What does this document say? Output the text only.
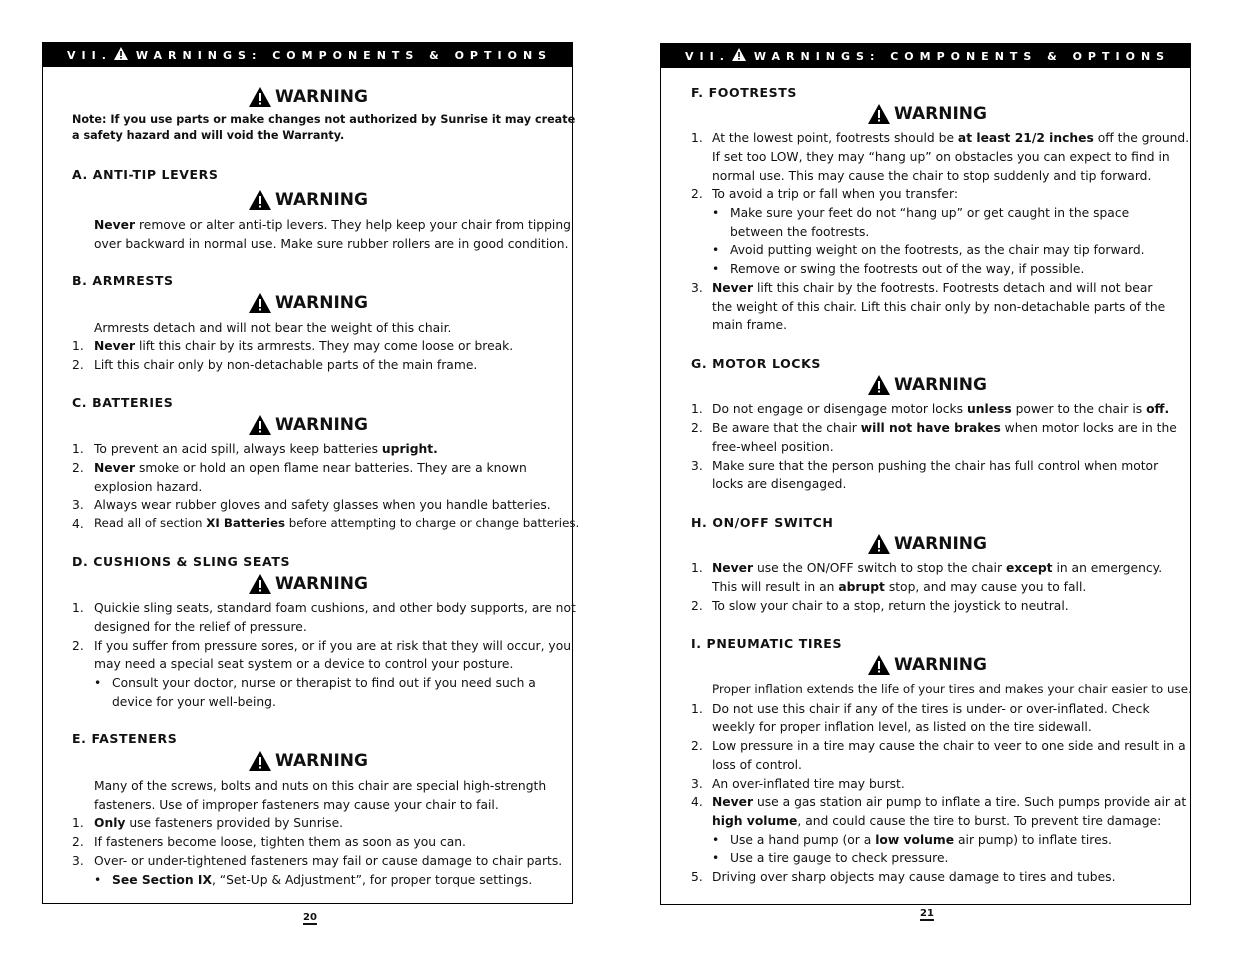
VII. WARNINGS: COMPONENTS & OPTIONS
WARNING
Note: If you use parts or make changes not authorized by Sunrise it may create
a safety hazard and will void the Warranty.
A. ANTI-TIP LEVERS
WARNING
Never remove or alter anti-tip levers. They help keep your chair from tipping
over backward in normal use. Make sure rubber rollers are in good condition.
B. ARMRESTS
WARNING
Armrests detach and will not bear the weight of this chair.
1. Never lift this chair by its armrests. They may come loose or break.
2. Lift this chair only by non-detachable parts of the main frame.
C. BATTERIES
WARNING
1. To prevent an acid spill, always keep batteries upright.
2. Never smoke or hold an open flame near batteries. They are a known
explosion hazard.
3. Always wear rubber gloves and safety glasses when you handle batteries.
4. Read all of section XI Batteries before attempting to charge or change batteries.
D. CUSHIONS & SLING SEATS
WARNING
1. Quickie sling seats, standard foam cushions, and other body supports, are not
designed for the relief of pressure.
2. If you suffer from pressure sores, or if you are at risk that they will occur, you
may need a special seat system or a device to control your posture.
• Consult your doctor, nurse or therapist to find out if you need such a
device for your well-being.
E. FASTENERS
WARNING
Many of the screws, bolts and nuts on this chair are special high-strength
fasteners. Use of improper fasteners may cause your chair to fail.
1. Only use fasteners provided by Sunrise.
2. If fasteners become loose, tighten them as soon as you can.
3. Over- or under-tightened fasteners may fail or cause damage to chair parts.
• See Section IX, “Set-Up & Adjustment”, for proper torque settings.
20
VII. WARNINGS: COMPONENTS & OPTIONS
F. FOOTRESTS
WARNING
1. At the lowest point, footrests should be at least 21/2 inches off the ground.
If set too LOW, they may “hang up” on obstacles you can expect to find in
normal use. This may cause the chair to stop suddenly and tip forward.
2. To avoid a trip or fall when you transfer:
• Make sure your feet do not “hang up” or get caught in the space
between the footrests.
• Avoid putting weight on the footrests, as the chair may tip forward.
• Remove or swing the footrests out of the way, if possible.
3. Never lift this chair by the footrests. Footrests detach and will not bear
the weight of this chair. Lift this chair only by non-detachable parts of the
main frame.
G. MOTOR LOCKS
WARNING
1. Do not engage or disengage motor locks unless power to the chair is off.
2. Be aware that the chair will not have brakes when motor locks are in the
free-wheel position.
3. Make sure that the person pushing the chair has full control when motor
locks are disengaged.
H. ON/OFF SWITCH
WARNING
1. Never use the ON/OFF switch to stop the chair except in an emergency.
This will result in an abrupt stop, and may cause you to fall.
2. To slow your chair to a stop, return the joystick to neutral.
I. PNEUMATIC TIRES
WARNING
Proper inflation extends the life of your tires and makes your chair easier to use.
1. Do not use this chair if any of the tires is under- or over-inflated. Check
weekly for proper inflation level, as listed on the tire sidewall.
2. Low pressure in a tire may cause the chair to veer to one side and result in a
loss of control.
3. An over-inflated tire may burst.
4. Never use a gas station air pump to inflate a tire. Such pumps provide air at
high volume, and could cause the tire to burst. To prevent tire damage:
• Use a hand pump (or a low volume air pump) to inflate tires.
• Use a tire gauge to check pressure.
5. Driving over sharp objects may cause damage to tires and tubes.
21
